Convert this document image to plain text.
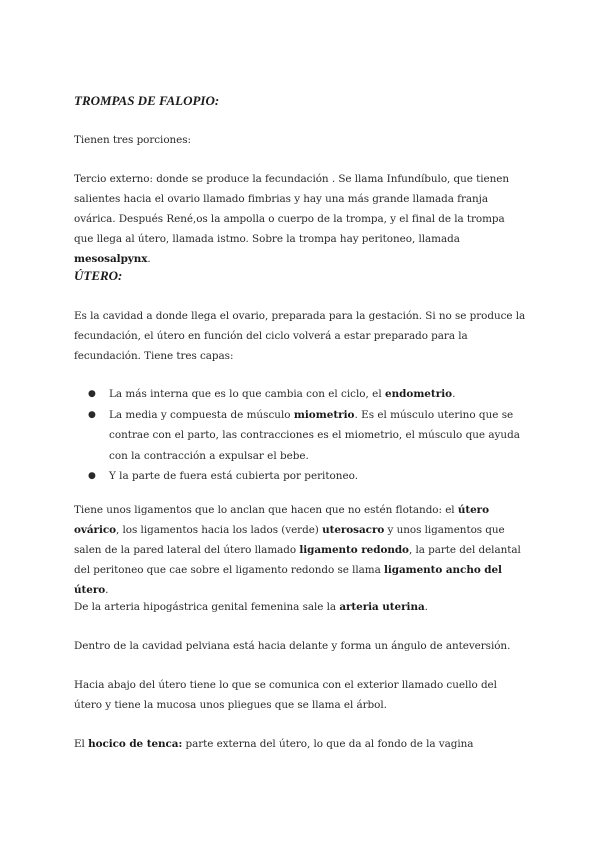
TROMPAS DE FALOPIO:
Tienen tres porciones:
Tercio externo: donde se produce la fecundación . Se llama Infundíbulo, que tienen salientes hacia el ovario llamado fimbrias y hay una más grande llamada franja ovárica. Después René,os la ampolla o cuerpo de la trompa, y el final de la trompa que llega al útero, llamada istmo. Sobre la trompa hay peritoneo, llamada mesosalpynx.
ÚTERO:
Es la cavidad a donde llega el ovario, preparada para la gestación. Si no se produce la fecundación, el útero en función del ciclo volverá a estar preparado para la fecundación. Tiene tres capas:
● La más interna que es lo que cambia con el ciclo, el endometrio.
● La media y compuesta de músculo miometrio. Es el músculo uterino que se contrae con el parto, las contracciones es el miometrio, el músculo que ayuda con la contracción a expulsar el bebe.
● Y la parte de fuera está cubierta por peritoneo.
Tiene unos ligamentos que lo anclan que hacen que no estén flotando: el útero ovárico, los ligamentos hacia los lados (verde) uterosacro y unos ligamentos que salen de la pared lateral del útero llamado ligamento redondo, la parte del delantal del peritoneo que cae sobre el ligamento redondo se llama ligamento ancho del útero.
De la arteria hipogástrica genital femenina sale la arteria uterina.
Dentro de la cavidad pelviana está hacia delante y forma un ángulo de anteversión.
Hacia abajo del útero tiene lo que se comunica con el exterior llamado cuello del útero y tiene la mucosa unos pliegues que se llama el árbol.
El hocico de tenca: parte externa del útero, lo que da al fondo de la vagina
